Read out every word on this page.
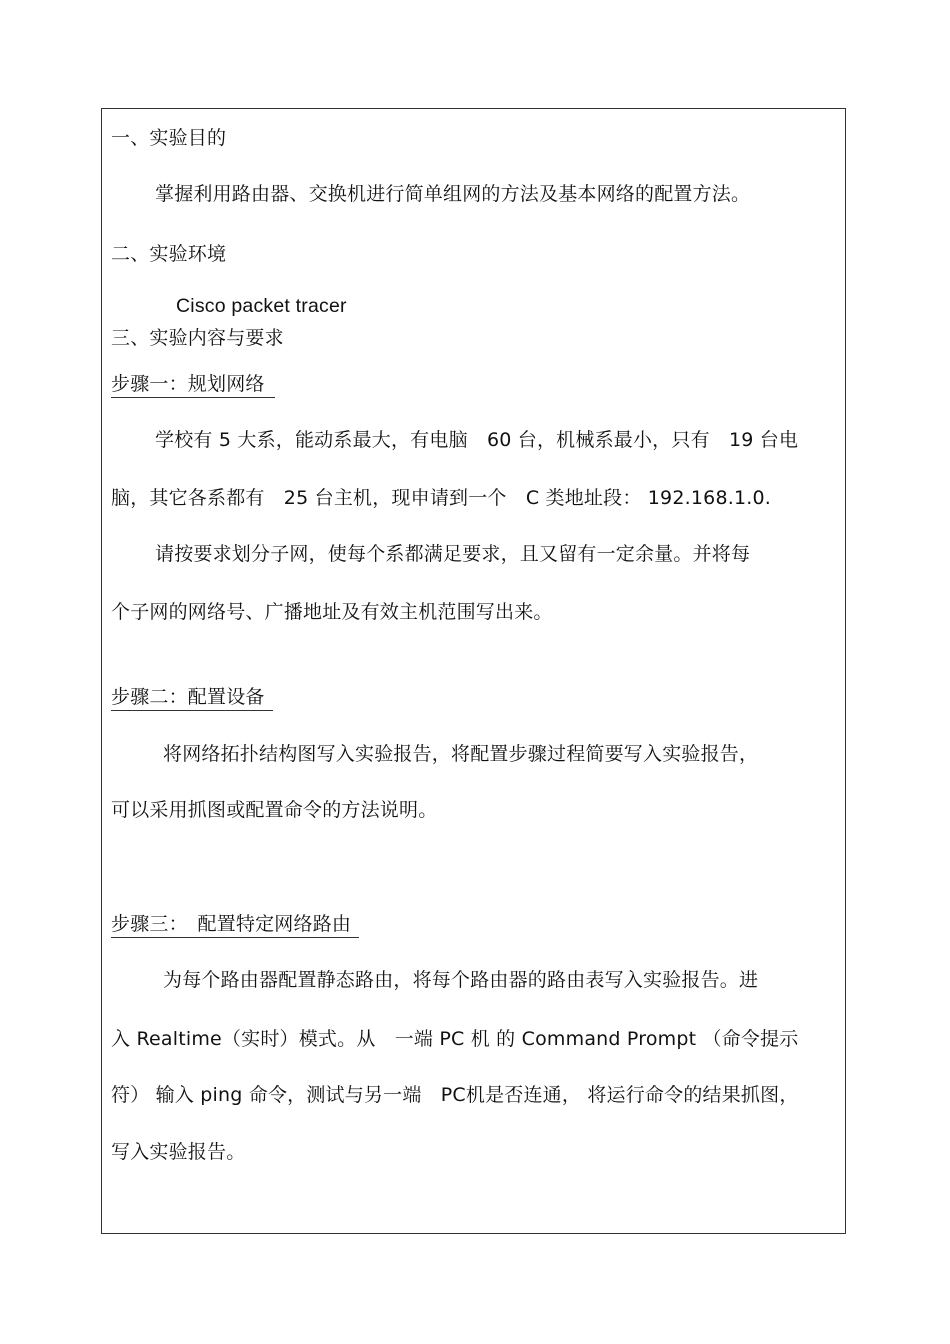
一、实验目的
掌握利用路由器、交换机进行简单组网的方法及基本网络的配置方法。
二、实验环境
Cisco packet tracer
三、实验内容与要求
步骤一：规划网络
学校有 5 大系，能动系最大，有电脑　60 台，机械系最小，只有　19 台电
脑，其它各系都有　25 台主机，现申请到一个　C 类地址段： 192.168.1.0.
请按要求划分子网，使每个系都满足要求，且又留有一定余量。并将每
个子网的网络号、广播地址及有效主机范围写出来。
步骤二：配置设备
将网络拓扑结构图写入实验报告，将配置步骤过程简要写入实验报告，
可以采用抓图或配置命令的方法说明。
步骤三：　配置特定网络路由
为每个路由器配置静态路由，将每个路由器的路由表写入实验报告。进
入 Realtime（实时）模式。从　一端 PC 机 的 Command Prompt （命令提示
符） 输入 ping 命令，测试与另一端　PC机是否连通， 将运行命令的结果抓图，
写入实验报告。
